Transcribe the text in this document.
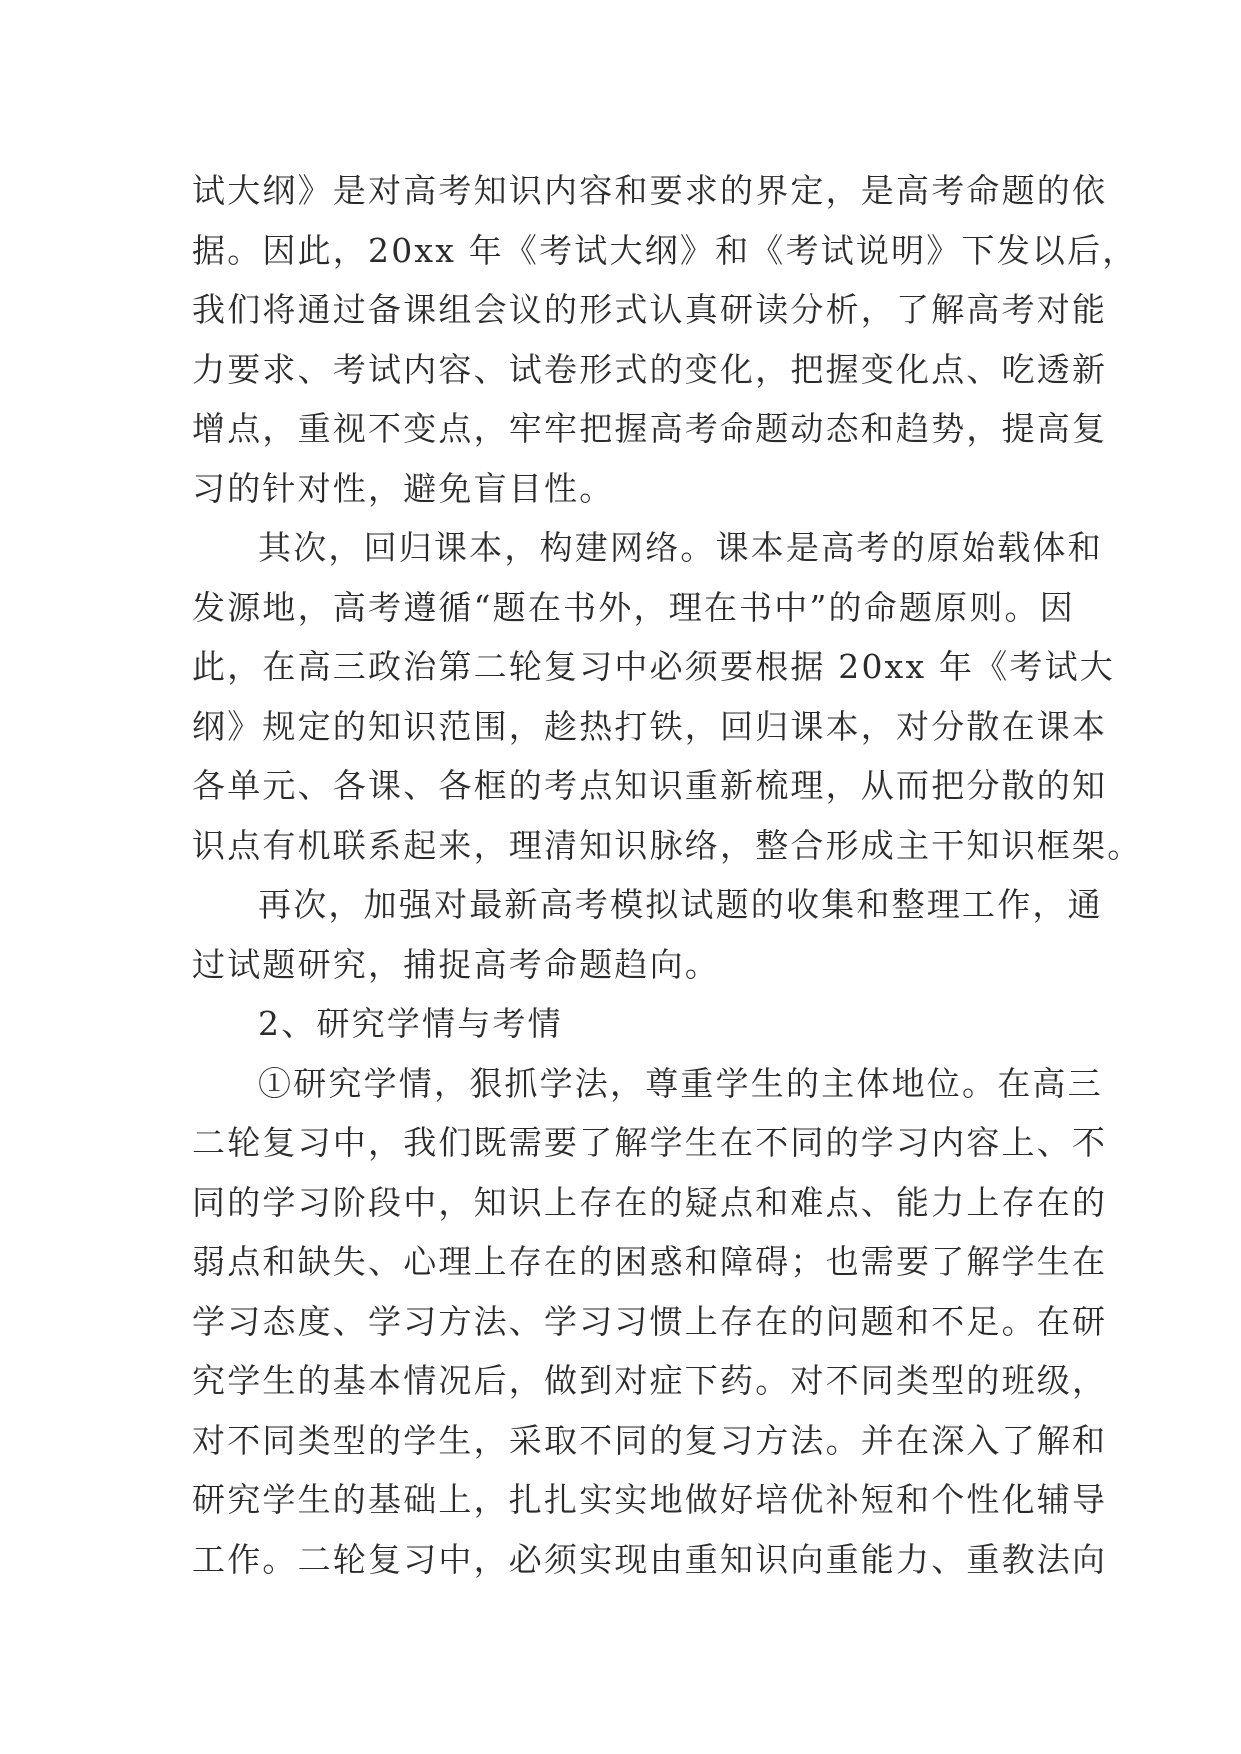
试大纲》是对高考知识内容和要求的界定，是高考命题的依
据。因此，20xx 年《考试大纲》和《考试说明》下发以后，
我们将通过备课组会议的形式认真研读分析，了解高考对能
力要求、考试内容、试卷形式的变化，把握变化点、吃透新
增点，重视不变点，牢牢把握高考命题动态和趋势，提高复
习的针对性，避免盲目性。
其次，回归课本，构建网络。课本是高考的原始载体和
发源地，高考遵循“题在书外，理在书中”的命题原则。因
此，在高三政治第二轮复习中必须要根据 20xx 年《考试大
纲》规定的知识范围，趁热打铁，回归课本，对分散在课本
各单元、各课、各框的考点知识重新梳理，从而把分散的知
识点有机联系起来，理清知识脉络，整合形成主干知识框架。
再次，加强对最新高考模拟试题的收集和整理工作，通
过试题研究，捕捉高考命题趋向。
2、研究学情与考情
①研究学情，狠抓学法，尊重学生的主体地位。在高三
二轮复习中，我们既需要了解学生在不同的学习内容上、不
同的学习阶段中，知识上存在的疑点和难点、能力上存在的
弱点和缺失、心理上存在的困惑和障碍；也需要了解学生在
学习态度、学习方法、学习习惯上存在的问题和不足。在研
究学生的基本情况后，做到对症下药。对不同类型的班级，
对不同类型的学生，采取不同的复习方法。并在深入了解和
研究学生的基础上，扎扎实实地做好培优补短和个性化辅导
工作。二轮复习中，必须实现由重知识向重能力、重教法向
